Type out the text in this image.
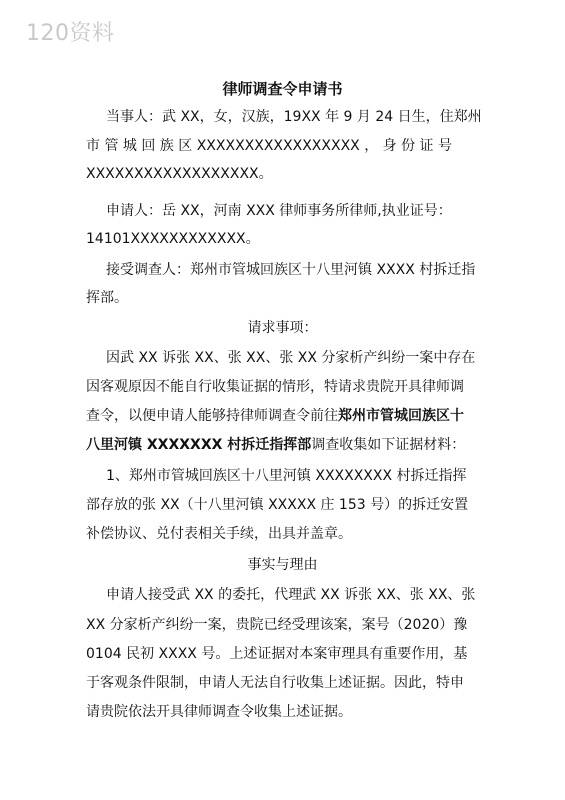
120资料
律师调查令申请书
当事人：武 XX，女，汉族，19XX 年 9 月 24 日生，住郑州
市 管 城 回 族 区 XXXXXXXXXXXXXXXXX ， 身 份 证 号
XXXXXXXXXXXXXXXXXX。
申请人：岳 XX，河南 XXX 律师事务所律师,执业证号：
14101XXXXXXXXXXXX。
接受调查人：郑州市管城回族区十八里河镇 XXXX 村拆迁指
挥部。
请求事项：
因武 XX 诉张 XX、张 XX、张 XX 分家析产纠纷一案中存在
因客观原因不能自行收集证据的情形，特请求贵院开具律师调
查令，以便申请人能够持律师调查令前往郑州市管城回族区十
八里河镇 XXXXXXX 村拆迁指挥部调查收集如下证据材料：
1、郑州市管城回族区十八里河镇 XXXXXXXX 村拆迁指挥
部存放的张 XX（十八里河镇 XXXXX 庄 153 号）的拆迁安置
补偿协议、兑付表相关手续，出具并盖章。
事实与理由
申请人接受武 XX 的委托，代理武 XX 诉张 XX、张 XX、张
XX 分家析产纠纷一案，贵院已经受理该案，案号（2020）豫
0104 民初 XXXX 号。上述证据对本案审理具有重要作用，基
于客观条件限制，申请人无法自行收集上述证据。因此，特申
请贵院依法开具律师调查令收集上述证据。
